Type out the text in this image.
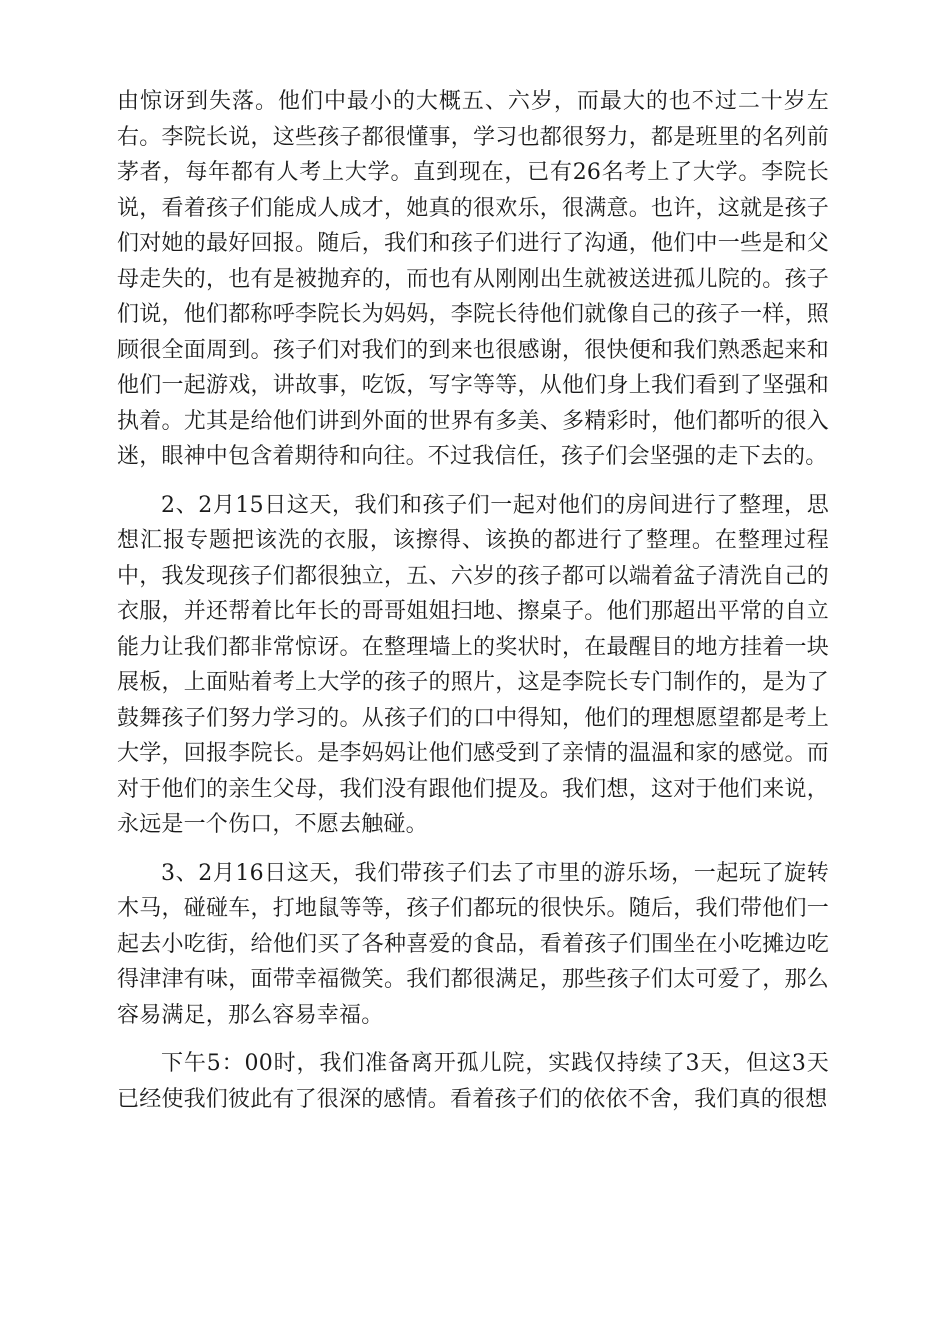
由惊讶到失落。他们中最小的大概五、六岁，而最大的也不过二十岁左右。李院长说，这些孩子都很懂事，学习也都很努力，都是班里的名列前茅者，每年都有人考上大学。直到现在，已有26名考上了大学。李院长说，看着孩子们能成人成才，她真的很欢乐，很满意。也许，这就是孩子们对她的最好回报。随后，我们和孩子们进行了沟通，他们中一些是和父母走失的，也有是被抛弃的，而也有从刚刚出生就被送进孤儿院的。孩子们说，他们都称呼李院长为妈妈，李院长待他们就像自己的孩子一样，照顾很全面周到。孩子们对我们的到来也很感谢，很快便和我们熟悉起来和他们一起游戏，讲故事，吃饭，写字等等，从他们身上我们看到了坚强和执着。尤其是给他们讲到外面的世界有多美、多精彩时，他们都听的很入迷，眼神中包含着期待和向往。不过我信任，孩子们会坚强的走下去的。

2、2月15日这天，我们和孩子们一起对他们的房间进行了整理，思想汇报专题把该洗的衣服，该擦得、该换的都进行了整理。在整理过程中，我发现孩子们都很独立，五、六岁的孩子都可以端着盆子清洗自己的衣服，并还帮着比年长的哥哥姐姐扫地、擦桌子。他们那超出平常的自立能力让我们都非常惊讶。在整理墙上的奖状时，在最醒目的地方挂着一块展板，上面贴着考上大学的孩子的照片，这是李院长专门制作的，是为了鼓舞孩子们努力学习的。从孩子们的口中得知，他们的理想愿望都是考上大学，回报李院长。是李妈妈让他们感受到了亲情的温温和家的感觉。而对于他们的亲生父母，我们没有跟他们提及。我们想，这对于他们来说，永远是一个伤口，不愿去触碰。

3、2月16日这天，我们带孩子们去了市里的游乐场，一起玩了旋转木马，碰碰车，打地鼠等等，孩子们都玩的很快乐。随后，我们带他们一起去小吃街，给他们买了各种喜爱的食品，看着孩子们围坐在小吃摊边吃得津津有味，面带幸福微笑。我们都很满足，那些孩子们太可爱了，那么容易满足，那么容易幸福。

下午5：00时，我们准备离开孤儿院，实践仅持续了3天，但这3天已经使我们彼此有了很深的感情。看着孩子们的依依不舍，我们真的很想
